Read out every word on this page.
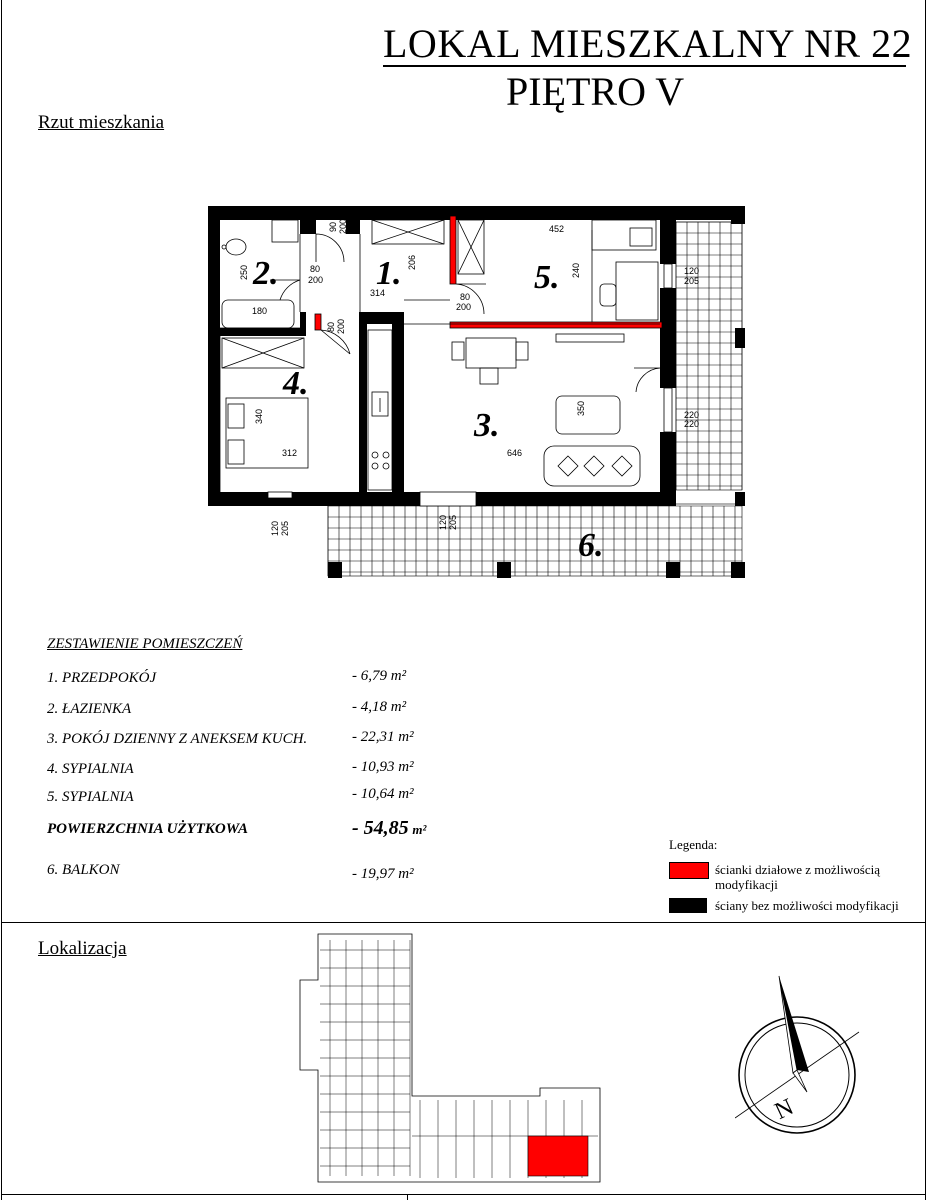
LOKAL MIESZKALNY NR 22
PIĘTRO V
Rzut mieszkania
452
240
250
206
314
180
340
312	646
350
90 200
80
200
80 200
80
200
120
205
220
220
120 205	120 205
1.
2.
3.
4.
5.
6.
ZESTAWIENIE POMIESZCZEŃ
1. PRZEDPOKÓJ	- 6,79 m²
2. ŁAZIENKA	- 4,18 m²
3. POKÓJ DZIENNY Z ANEKSEM KUCH.	- 22,31 m²
4. SYPIALNIA	- 10,93 m²
5. SYPIALNIA	- 10,64 m²
POWIERZCHNIA UŻYTKOWA	- 54,85 m²
6. BALKON	- 19,97 m²
Legenda:
ścianki działowe z możliwością modyfikacji
ściany bez możliwości modyfikacji
Lokalizacja
N
